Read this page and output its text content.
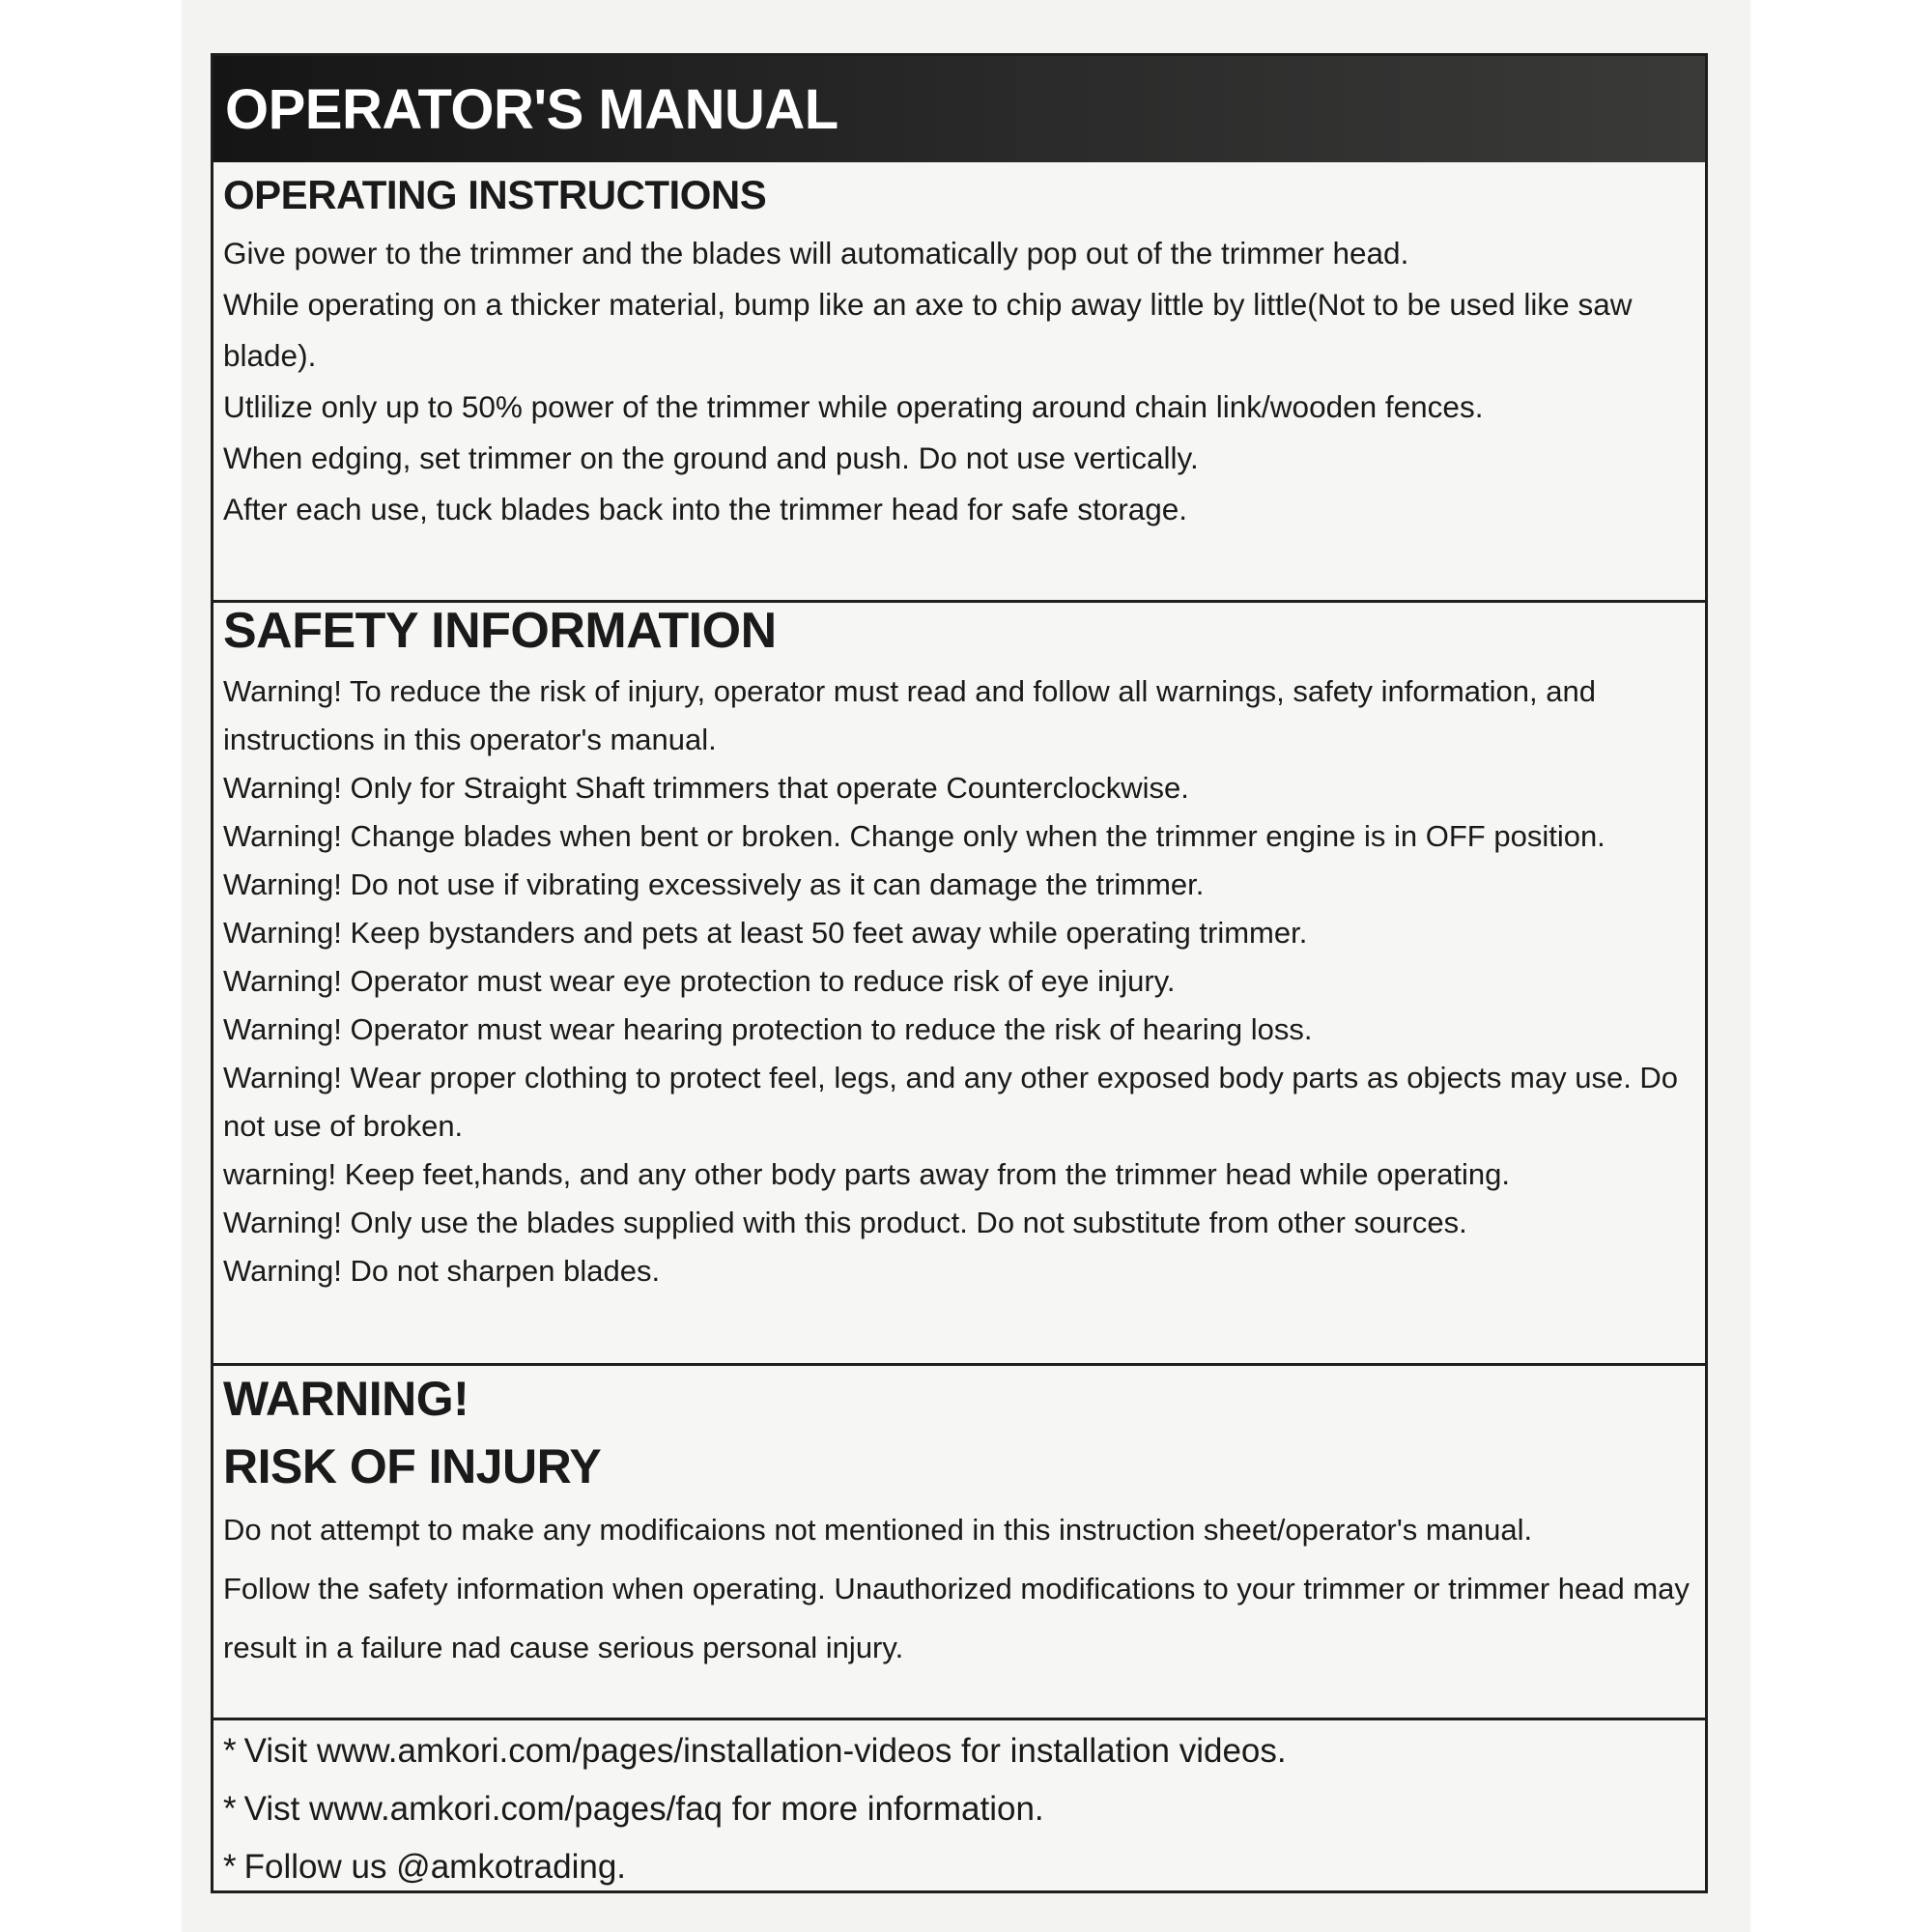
OPERATOR'S MANUAL
OPERATING INSTRUCTIONS

Give power to the trimmer and the blades will automatically pop out of the trimmer head.

While operating on a thicker material, bump like an axe to chip away little by little(Not to be used like saw blade).

Utlilize only up to 50% power of the trimmer while operating around chain link/wooden fences.

When edging, set trimmer on the ground and push. Do not use vertically.

After each use, tuck blades back into the trimmer head for safe storage.

SAFETY INFORMATION

Warning! To reduce the risk of injury, operator must read and follow all warnings, safety information, and instructions in this operator's manual.

Warning! Only for Straight Shaft trimmers that operate Counterclockwise.

Warning! Change blades when bent or broken. Change only when the trimmer engine is in OFF position.

Warning! Do not use if vibrating excessively as it can damage the trimmer.

Warning! Keep bystanders and pets at least 50 feet away while operating trimmer.

Warning! Operator must wear eye protection to reduce risk of eye injury.

Warning! Operator must wear hearing protection to reduce the risk of hearing loss.

Warning! Wear proper clothing to protect feel, legs, and any other exposed body parts as objects may use. Do not use of broken.

warning! Keep feet,hands, and any other body parts away from the trimmer head while operating.

Warning! Only use the blades supplied with this product. Do not substitute from other sources.

Warning! Do not sharpen blades.

WARNING!
RISK OF INJURY

Do not attempt to make any modificaions not mentioned in this instruction sheet/operator's manual.

Follow the safety information when operating. Unauthorized modifications to your trimmer or trimmer head may result in a failure nad cause serious personal injury.

* Visit www.amkori.com/pages/installation-videos for installation videos.

* Vist www.amkori.com/pages/faq for more information.

* Follow us @amkotrading.
